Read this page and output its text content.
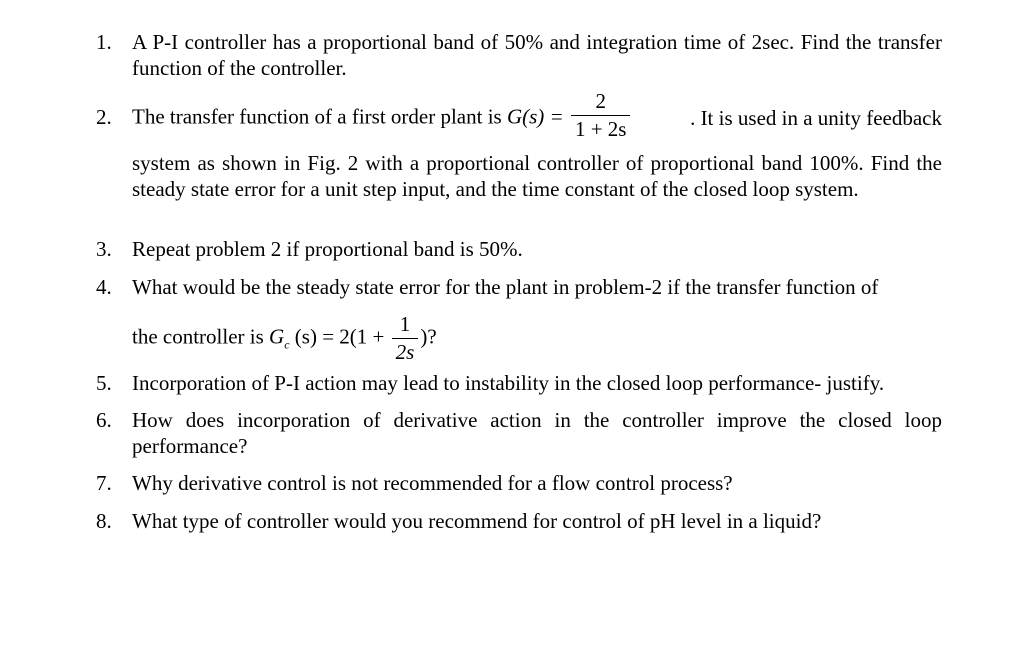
1. A P-I controller has a proportional band of 50% and integration time of 2sec. Find the transfer function of the controller.

2. The transfer function of a first order plant is $G(s) = \frac{2}{1 + 2s}$	. It is used in a unity feedback

system as shown in Fig. 2 with a proportional controller of proportional band 100%. Find the steady state error for a unit step input, and the time constant of the closed loop system.

3. Repeat problem 2 if proportional band is 50%.

4. What would be the steady state error for the plant in problem-2 if the transfer function of

the controller is $G_c$ $(s) = 2(1 + \frac{1}{2s}$ )?
5. Incorporation of P-I action may lead to instability in the closed loop performance- justify.

6. How does incorporation of derivative action in the controller improve the closed loop performance?

7. Why derivative control is not recommended for a flow control process?

8. What type of controller would you recommend for control of pH level in a liquid?
